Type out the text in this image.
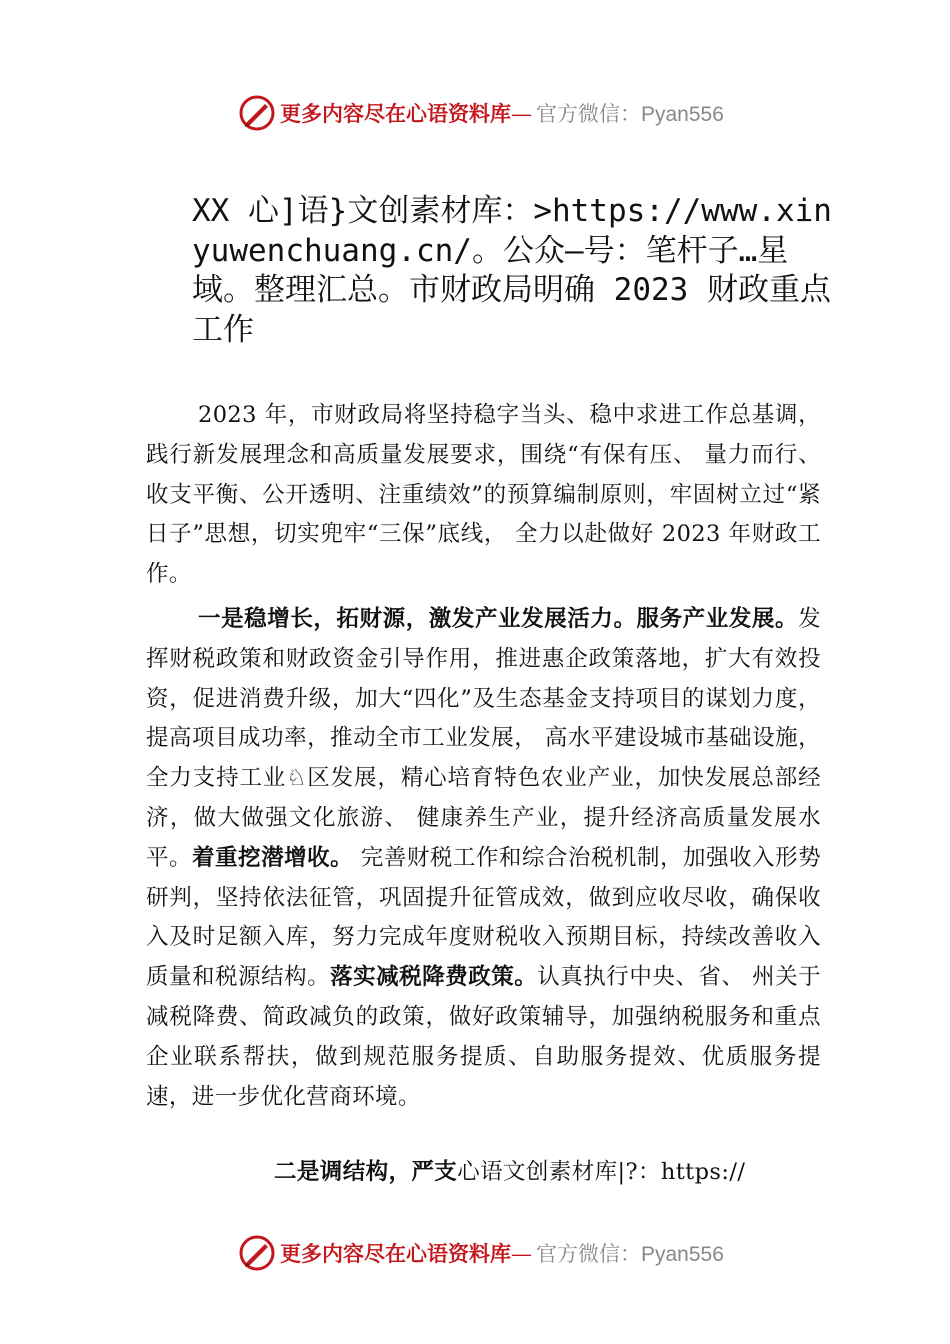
更多内容尽在心语资料库— 官方微信：Pyan556
XX 心]语}文创素材库：>https://www.xinyuwenchuang.cn/。公众—号：笔杆子…星域。整理汇总。市财政局明确 2023 财政重点工作
2023 年，市财政局将坚持稳字当头、稳中求进工作总基调，践行新发展理念和高质量发展要求，围绕“有保有压、 量力而行、收支平衡、公开透明、注重绩效”的预算编制原则，牢固树立过“紧日子”思想，切实兜牢“三保”底线， 全力以赴做好 2023 年财政工作。
一是稳增长，拓财源，激发产业发展活力。服务产业发展。发挥财税政策和财政资金引导作用，推进惠企政策落地，扩大有效投资，促进消费升级，加大“四化”及生态基金支持项目的谋划力度，提高项目成功率，推动全市工业发展， 高水平建设城市基础设施，全力支持工业♘区发展，精心培育特色农业产业，加快发展总部经济，做大做强文化旅游、 健康养生产业，提升经济高质量发展水平。着重挖潜增收。 完善财税工作和综合治税机制，加强收入形势研判，坚持依法征管，巩固提升征管成效，做到应收尽收，确保收入及时足额入库，努力完成年度财税收入预期目标，持续改善收入质量和税源结构。落实减税降费政策。认真执行中央、省、 州关于减税降费、简政减负的政策，做好政策辅导，加强纳税服务和重点企业联系帮扶，做到规范服务提质、自助服务提效、优质服务提速，进一步优化营商环境。
二是调结构，严支心语文创素材库|?：https://
更多内容尽在心语资料库— 官方微信：Pyan556
